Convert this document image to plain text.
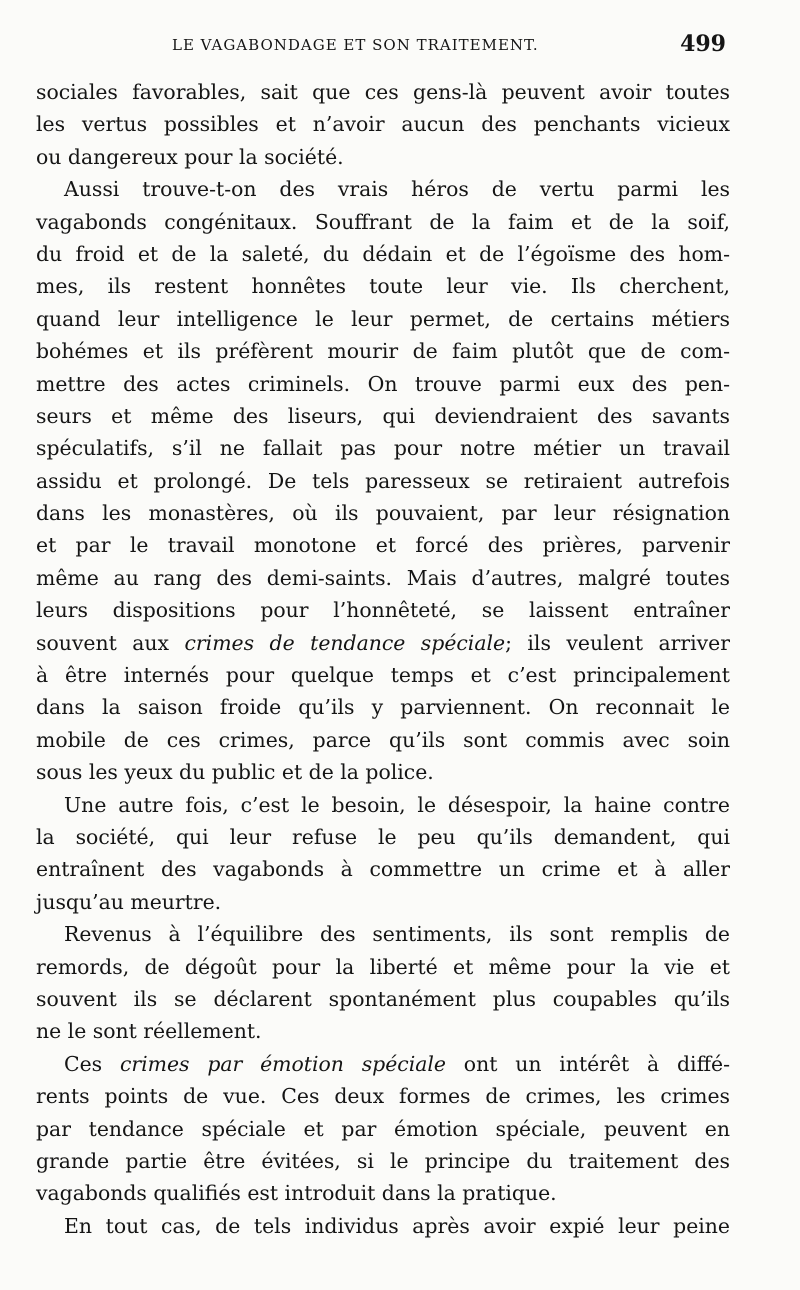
LE VAGABONDAGE ET SON TRAITEMENT.	499
sociales favorables, sait que ces gens-là peuvent avoir toutes
les vertus possibles et n’avoir aucun des penchants vicieux
ou dangereux pour la société.
Aussi trouve-t-on des vrais héros de vertu parmi les
vagabonds congénitaux. Souffrant de la faim et de la soif,
du froid et de la saleté, du dédain et de l’égoïsme des hom-
mes, ils restent honnêtes toute leur vie. Ils cherchent,
quand leur intelligence le leur permet, de certains métiers
bohémes et ils préfèrent mourir de faim plutôt que de com-
mettre des actes criminels. On trouve parmi eux des pen-
seurs et même des liseurs, qui deviendraient des savants
spéculatifs, s’il ne fallait pas pour notre métier un travail
assidu et prolongé. De tels paresseux se retiraient autrefois
dans les monastères, où ils pouvaient, par leur résignation
et par le travail monotone et forcé des prières, parvenir
même au rang des demi-saints. Mais d’autres, malgré toutes
leurs dispositions pour l’honnêteté, se laissent entraîner
souvent aux crimes de tendance spéciale; ils veulent arriver
à être internés pour quelque temps et c’est principalement
dans la saison froide qu’ils y parviennent. On reconnait le
mobile de ces crimes, parce qu’ils sont commis avec soin
sous les yeux du public et de la police.
Une autre fois, c’est le besoin, le désespoir, la haine contre
la société, qui leur refuse le peu qu’ils demandent, qui
entraînent des vagabonds à commettre un crime et à aller
jusqu’au meurtre.
Revenus à l’équilibre des sentiments, ils sont remplis de
remords, de dégoût pour la liberté et même pour la vie et
souvent ils se déclarent spontanément plus coupables qu’ils
ne le sont réellement.
Ces crimes par émotion spéciale ont un intérêt à diffé-
rents points de vue. Ces deux formes de crimes, les crimes
par tendance spéciale et par émotion spéciale, peuvent en
grande partie être évitées, si le principe du traitement des
vagabonds qualifiés est introduit dans la pratique.
En tout cas, de tels individus après avoir expié leur peine
